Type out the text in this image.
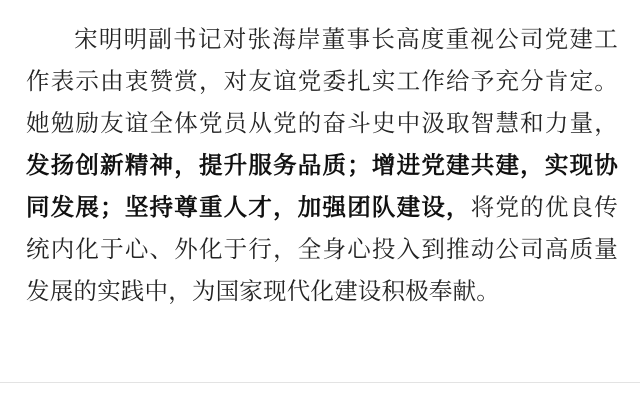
宋明明副书记对张海岸董事长高度重视公司党建工作表示由衷赞赏，对友谊党委扎实工作给予充分肯定。她勉励友谊全体党员从党的奋斗史中汲取智慧和力量，发扬创新精神，提升服务品质；增进党建共建，实现协同发展；坚持尊重人才，加强团队建设，将党的优良传统内化于心、外化于行，全身心投入到推动公司高质量发展的实践中，为国家现代化建设积极奉献。
